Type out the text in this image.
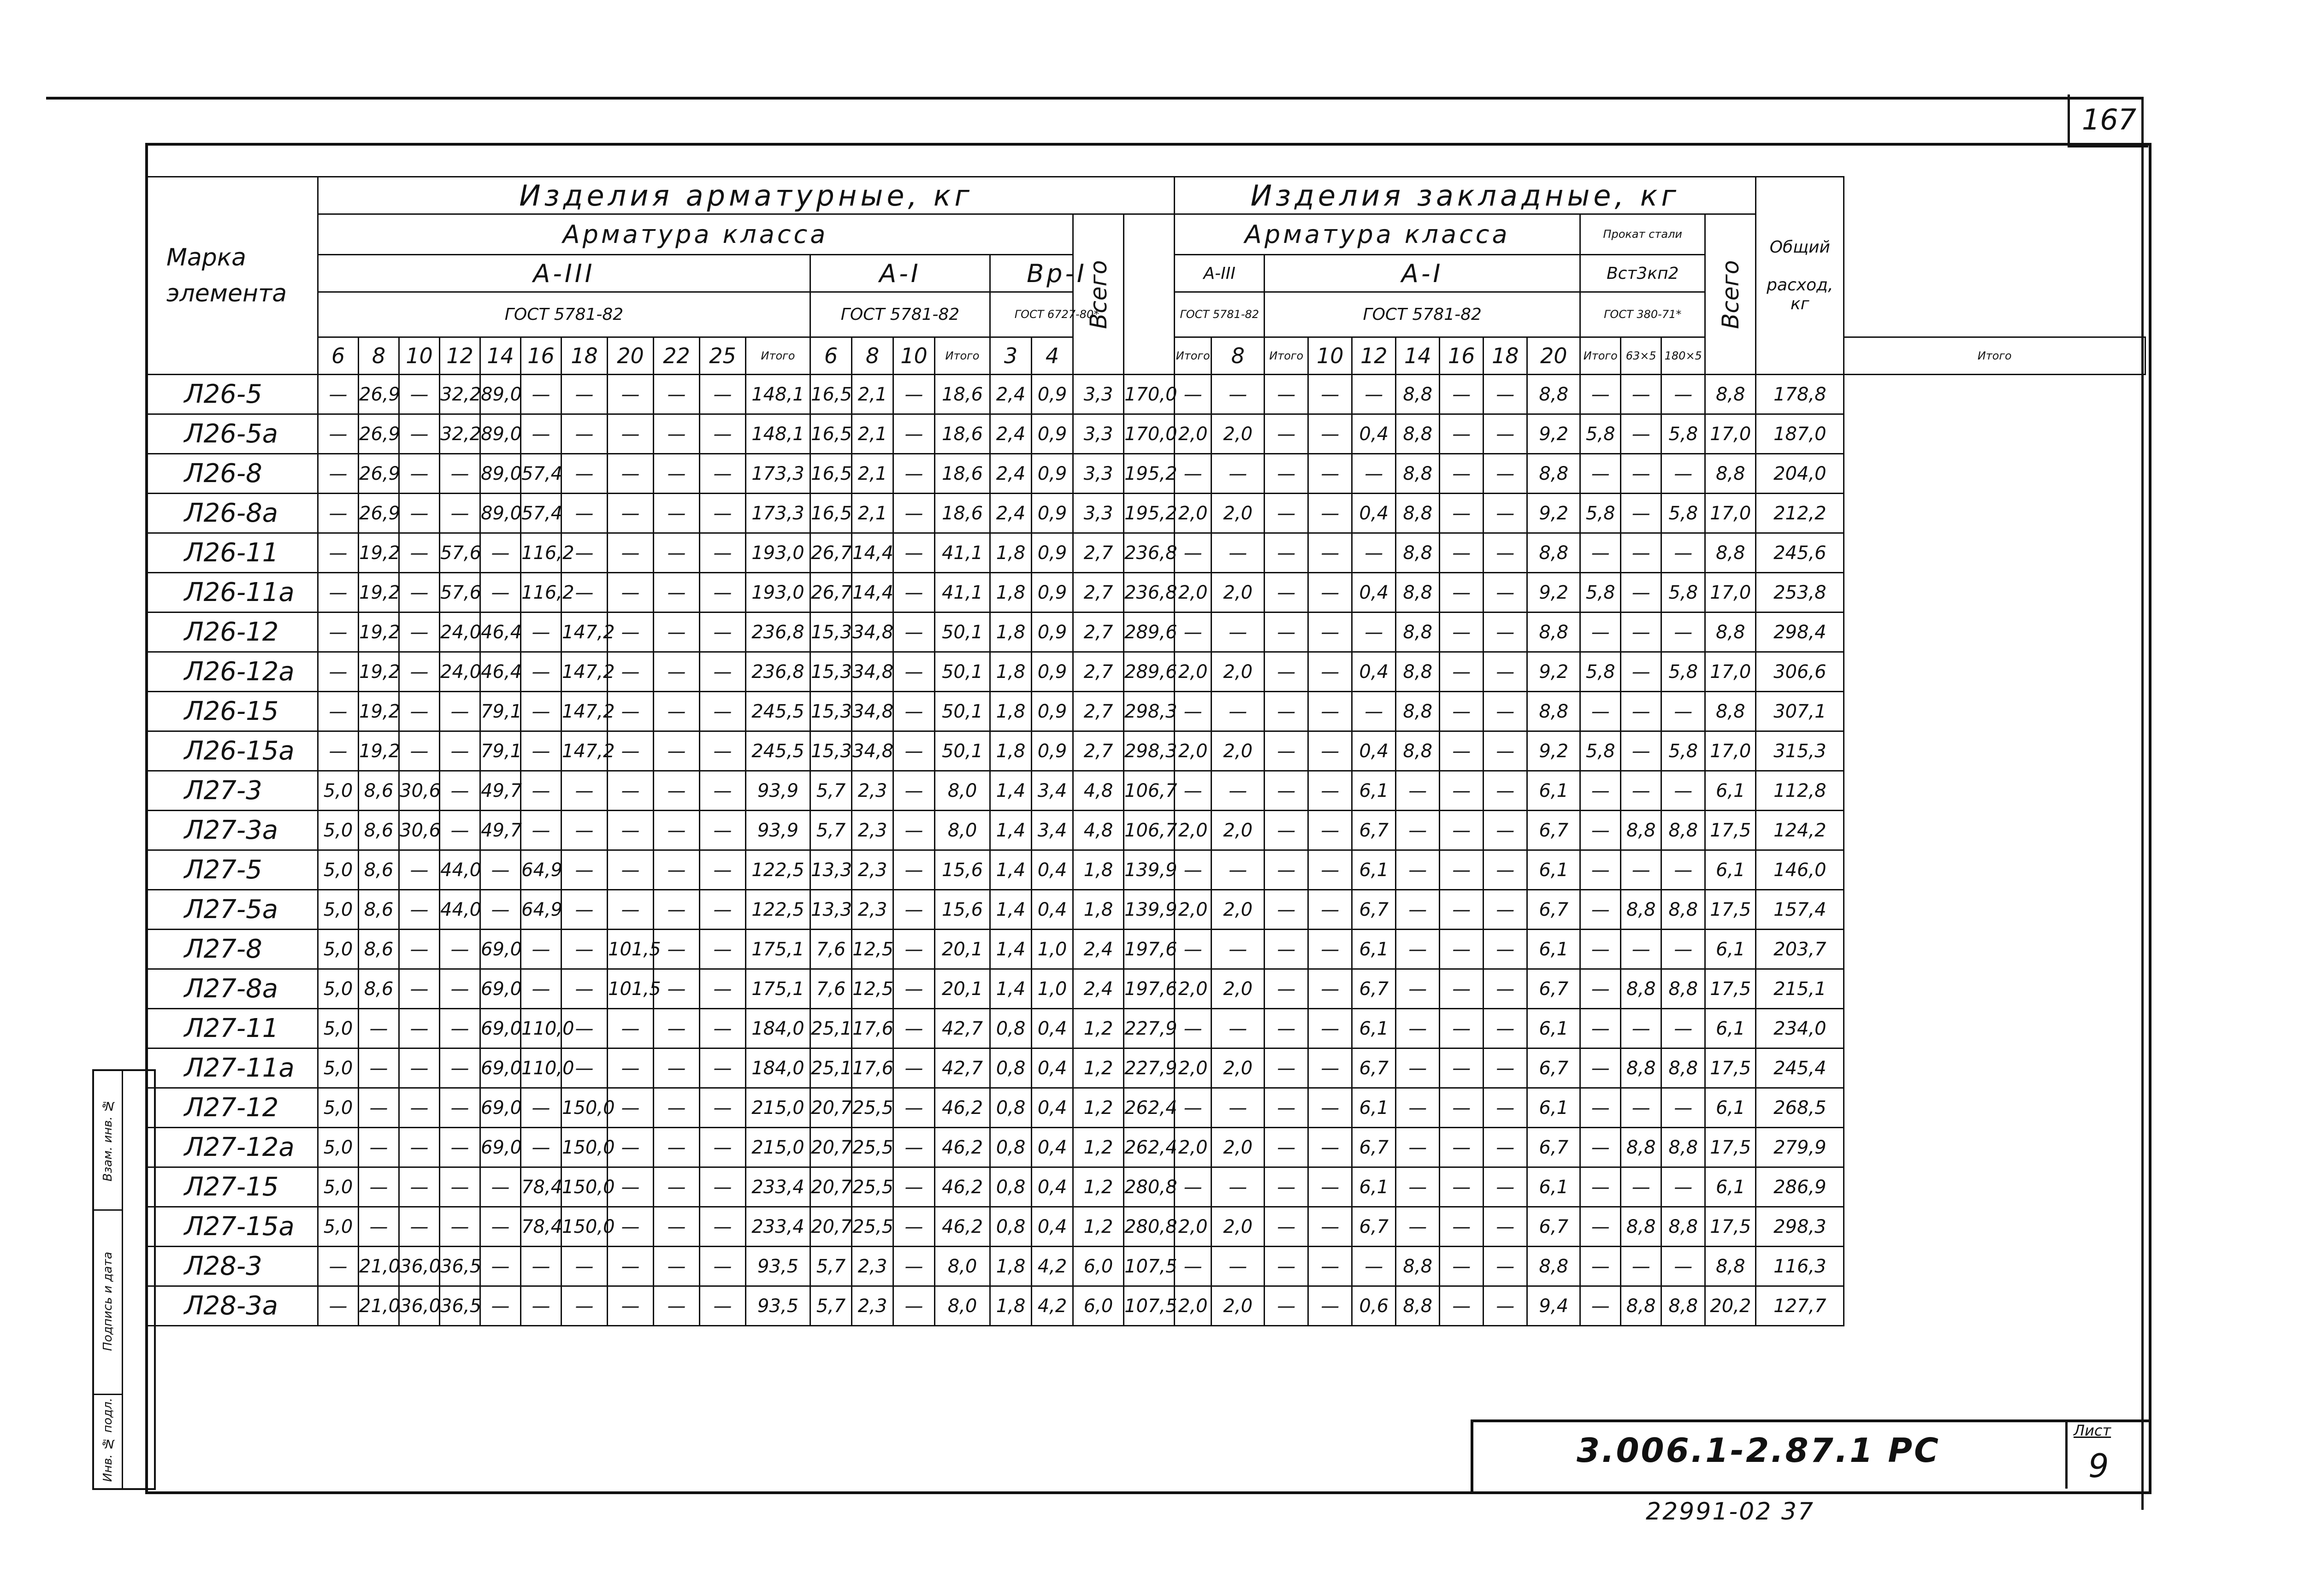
167
Марка
элемента	Изделия арматурные, кг																			Изделия закладные, кг													Общий

расход,
кг	
	Арматура класса																	Всего		Арматура класса									Прокат стали			Всего		
	А-III											А-I				Вр-I				А-III		А-I							Вст3кп2					
	ГОСТ 5781-82											ГОСТ 5781-82				ГОСТ 6727-80*				ГОСТ 5781-82		ГОСТ 5781-82							ГОСТ 380-71*					
	6	8	10	12	14	16	18	20	22	25	Итого	6	8	10	Итого	3	4			Итого	8	Итого	10	12	14	16	18	20	Итого	63×5	180×5			Итого
Л26-5	—	26,9	—	32,2	89,0	—	—	—	—	—	148,1	16,5	2,1	—	18,6	2,4	0,9	3,3	170,0	—	—	—	—	—	8,8	—	—	8,8	—	—	—	8,8	178,8	
Л26-5а	—	26,9	—	32,2	89,0	—	—	—	—	—	148,1	16,5	2,1	—	18,6	2,4	0,9	3,3	170,0	2,0	2,0	—	—	0,4	8,8	—	—	9,2	5,8	—	5,8	17,0	187,0	
Л26-8	—	26,9	—	—	89,0	57,4	—	—	—	—	173,3	16,5	2,1	—	18,6	2,4	0,9	3,3	195,2	—	—	—	—	—	8,8	—	—	8,8	—	—	—	8,8	204,0	
Л26-8а	—	26,9	—	—	89,0	57,4	—	—	—	—	173,3	16,5	2,1	—	18,6	2,4	0,9	3,3	195,2	2,0	2,0	—	—	0,4	8,8	—	—	9,2	5,8	—	5,8	17,0	212,2	
Л26-11	—	19,2	—	57,6	—	116,2	—	—	—	—	193,0	26,7	14,4	—	41,1	1,8	0,9	2,7	236,8	—	—	—	—	—	8,8	—	—	8,8	—	—	—	8,8	245,6	
Л26-11а	—	19,2	—	57,6	—	116,2	—	—	—	—	193,0	26,7	14,4	—	41,1	1,8	0,9	2,7	236,8	2,0	2,0	—	—	0,4	8,8	—	—	9,2	5,8	—	5,8	17,0	253,8	
Л26-12	—	19,2	—	24,0	46,4	—	147,2	—	—	—	236,8	15,3	34,8	—	50,1	1,8	0,9	2,7	289,6	—	—	—	—	—	8,8	—	—	8,8	—	—	—	8,8	298,4	
Л26-12а	—	19,2	—	24,0	46,4	—	147,2	—	—	—	236,8	15,3	34,8	—	50,1	1,8	0,9	2,7	289,6	2,0	2,0	—	—	0,4	8,8	—	—	9,2	5,8	—	5,8	17,0	306,6	
Л26-15	—	19,2	—	—	79,1	—	147,2	—	—	—	245,5	15,3	34,8	—	50,1	1,8	0,9	2,7	298,3	—	—	—	—	—	8,8	—	—	8,8	—	—	—	8,8	307,1	
Л26-15а	—	19,2	—	—	79,1	—	147,2	—	—	—	245,5	15,3	34,8	—	50,1	1,8	0,9	2,7	298,3	2,0	2,0	—	—	0,4	8,8	—	—	9,2	5,8	—	5,8	17,0	315,3	
Л27-3	5,0	8,6	30,6	—	49,7	—	—	—	—	—	93,9	5,7	2,3	—	8,0	1,4	3,4	4,8	106,7	—	—	—	—	6,1	—	—	—	6,1	—	—	—	6,1	112,8	
Л27-3а	5,0	8,6	30,6	—	49,7	—	—	—	—	—	93,9	5,7	2,3	—	8,0	1,4	3,4	4,8	106,7	2,0	2,0	—	—	6,7	—	—	—	6,7	—	8,8	8,8	17,5	124,2	
Л27-5	5,0	8,6	—	44,0	—	64,9	—	—	—	—	122,5	13,3	2,3	—	15,6	1,4	0,4	1,8	139,9	—	—	—	—	6,1	—	—	—	6,1	—	—	—	6,1	146,0	
Л27-5а	5,0	8,6	—	44,0	—	64,9	—	—	—	—	122,5	13,3	2,3	—	15,6	1,4	0,4	1,8	139,9	2,0	2,0	—	—	6,7	—	—	—	6,7	—	8,8	8,8	17,5	157,4	
Л27-8	5,0	8,6	—	—	69,0	—	—	101,5	—	—	175,1	7,6	12,5	—	20,1	1,4	1,0	2,4	197,6	—	—	—	—	6,1	—	—	—	6,1	—	—	—	6,1	203,7	
Л27-8а	5,0	8,6	—	—	69,0	—	—	101,5	—	—	175,1	7,6	12,5	—	20,1	1,4	1,0	2,4	197,6	2,0	2,0	—	—	6,7	—	—	—	6,7	—	8,8	8,8	17,5	215,1	
Л27-11	5,0	—	—	—	69,0	110,0	—	—	—	—	184,0	25,1	17,6	—	42,7	0,8	0,4	1,2	227,9	—	—	—	—	6,1	—	—	—	6,1	—	—	—	6,1	234,0	
Л27-11а	5,0	—	—	—	69,0	110,0	—	—	—	—	184,0	25,1	17,6	—	42,7	0,8	0,4	1,2	227,9	2,0	2,0	—	—	6,7	—	—	—	6,7	—	8,8	8,8	17,5	245,4	
Л27-12	5,0	—	—	—	69,0	—	150,0	—	—	—	215,0	20,7	25,5	—	46,2	0,8	0,4	1,2	262,4	—	—	—	—	6,1	—	—	—	6,1	—	—	—	6,1	268,5	
Л27-12а	5,0	—	—	—	69,0	—	150,0	—	—	—	215,0	20,7	25,5	—	46,2	0,8	0,4	1,2	262,4	2,0	2,0	—	—	6,7	—	—	—	6,7	—	8,8	8,8	17,5	279,9	
Л27-15	5,0	—	—	—	—	78,4	150,0	—	—	—	233,4	20,7	25,5	—	46,2	0,8	0,4	1,2	280,8	—	—	—	—	6,1	—	—	—	6,1	—	—	—	6,1	286,9	
Л27-15а	5,0	—	—	—	—	78,4	150,0	—	—	—	233,4	20,7	25,5	—	46,2	0,8	0,4	1,2	280,8	2,0	2,0	—	—	6,7	—	—	—	6,7	—	8,8	8,8	17,5	298,3	
Л28-3	—	21,0	36,0	36,5	—	—	—	—	—	—	93,5	5,7	2,3	—	8,0	1,8	4,2	6,0	107,5	—	—	—	—	—	8,8	—	—	8,8	—	—	—	8,8	116,3	
Л28-3а	—	21,0	36,0	36,5	—	—	—	—	—	—	93,5	5,7	2,3	—	8,0	1,8	4,2	6,0	107,5	2,0	2,0	—	—	0,6	8,8	—	—	9,4	—	8,8	8,8	20,2	127,7	
Взам. инв. №
Подпись и дата
Инв. № подл.	3.006.1-2.87.1 РС
Лист
9
22991-02 37
